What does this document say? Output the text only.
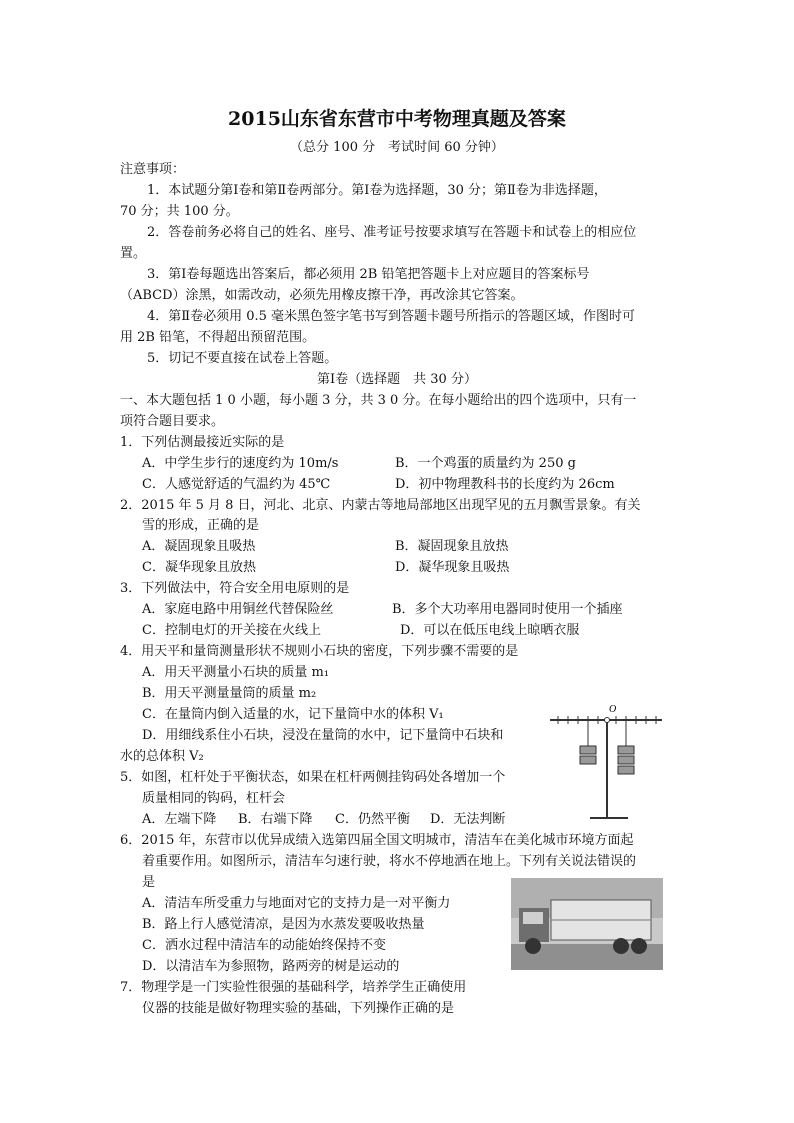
2015山东省东营市中考物理真题及答案
（总分 100 分　考试时间 60 分钟）
注意事项：
1．本试题分第Ⅰ卷和第Ⅱ卷两部分。第Ⅰ卷为选择题，30 分；第Ⅱ卷为非选择题，
70 分；共 100 分。
2．答卷前务必将自己的姓名、座号、准考证号按要求填写在答题卡和试卷上的相应位
置。
3．第Ⅰ卷每题选出答案后，都必须用 2B 铅笔把答题卡上对应题目的答案标号
（ABCD）涂黑，如需改动，必须先用橡皮擦干净，再改涂其它答案。
4．第Ⅱ卷必须用 0.5 毫米黑色签字笔书写到答题卡题号所指示的答题区域，作图时可
用 2B 铅笔，不得超出预留范围。
5．切记不要直接在试卷上答题。
第Ⅰ卷（选择题　共 30 分）
一、本大题包括 1 0 小题，每小题 3 分，共 3 0 分。在每小题给出的四个选项中，只有一
项符合题目要求。
1．下列估测最接近实际的是
A．中学生步行的速度约为 10m/s	B．一个鸡蛋的质量约为 250 g
C．人感觉舒适的气温约为 45℃	D．初中物理教科书的长度约为 26cm
2．2015 年 5 月 8 日，河北、北京、内蒙古等地局部地区出现罕见的五月飘雪景象。有关
雪的形成，正确的是
A．凝固现象且吸热	B．凝固现象且放热
C．凝华现象且放热	D．凝华现象且吸热
3．下列做法中，符合安全用电原则的是
A．家庭电路中用铜丝代替保险丝	B．多个大功率用电器同时使用一个插座
C．控制电灯的开关接在火线上	D．可以在低压电线上晾晒衣服
4．用天平和量筒测量形状不规则小石块的密度，下列步骤不需要的是
A．用天平测量小石块的质量 m₁
B．用天平测量量筒的质量 m₂
C．在量筒内倒入适量的水，记下量筒中水的体积 V₁
D．用细线系住小石块，浸没在量筒的水中，记下量筒中石块和
水的总体积 V₂
5．如图，杠杆处于平衡状态，如果在杠杆两侧挂钩码处各增加一个
质量相同的钩码，杠杆会
A．左端下降 B．右端下降 C．仍然平衡 D．无法判断
6．2015 年，东营市以优异成绩入选第四届全国文明城市，清洁车在美化城市环境方面起
着重要作用。如图所示，清洁车匀速行驶，将水不停地洒在地上。下列有关说法错误的
是
A．清洁车所受重力与地面对它的支持力是一对平衡力
B．路上行人感觉清凉，是因为水蒸发要吸收热量
C．洒水过程中清洁车的动能始终保持不变
D．以清洁车为参照物，路两旁的树是运动的
7．物理学是一门实验性很强的基础科学，培养学生正确使用
仪器的技能是做好物理实验的基础，下列操作正确的是
O
